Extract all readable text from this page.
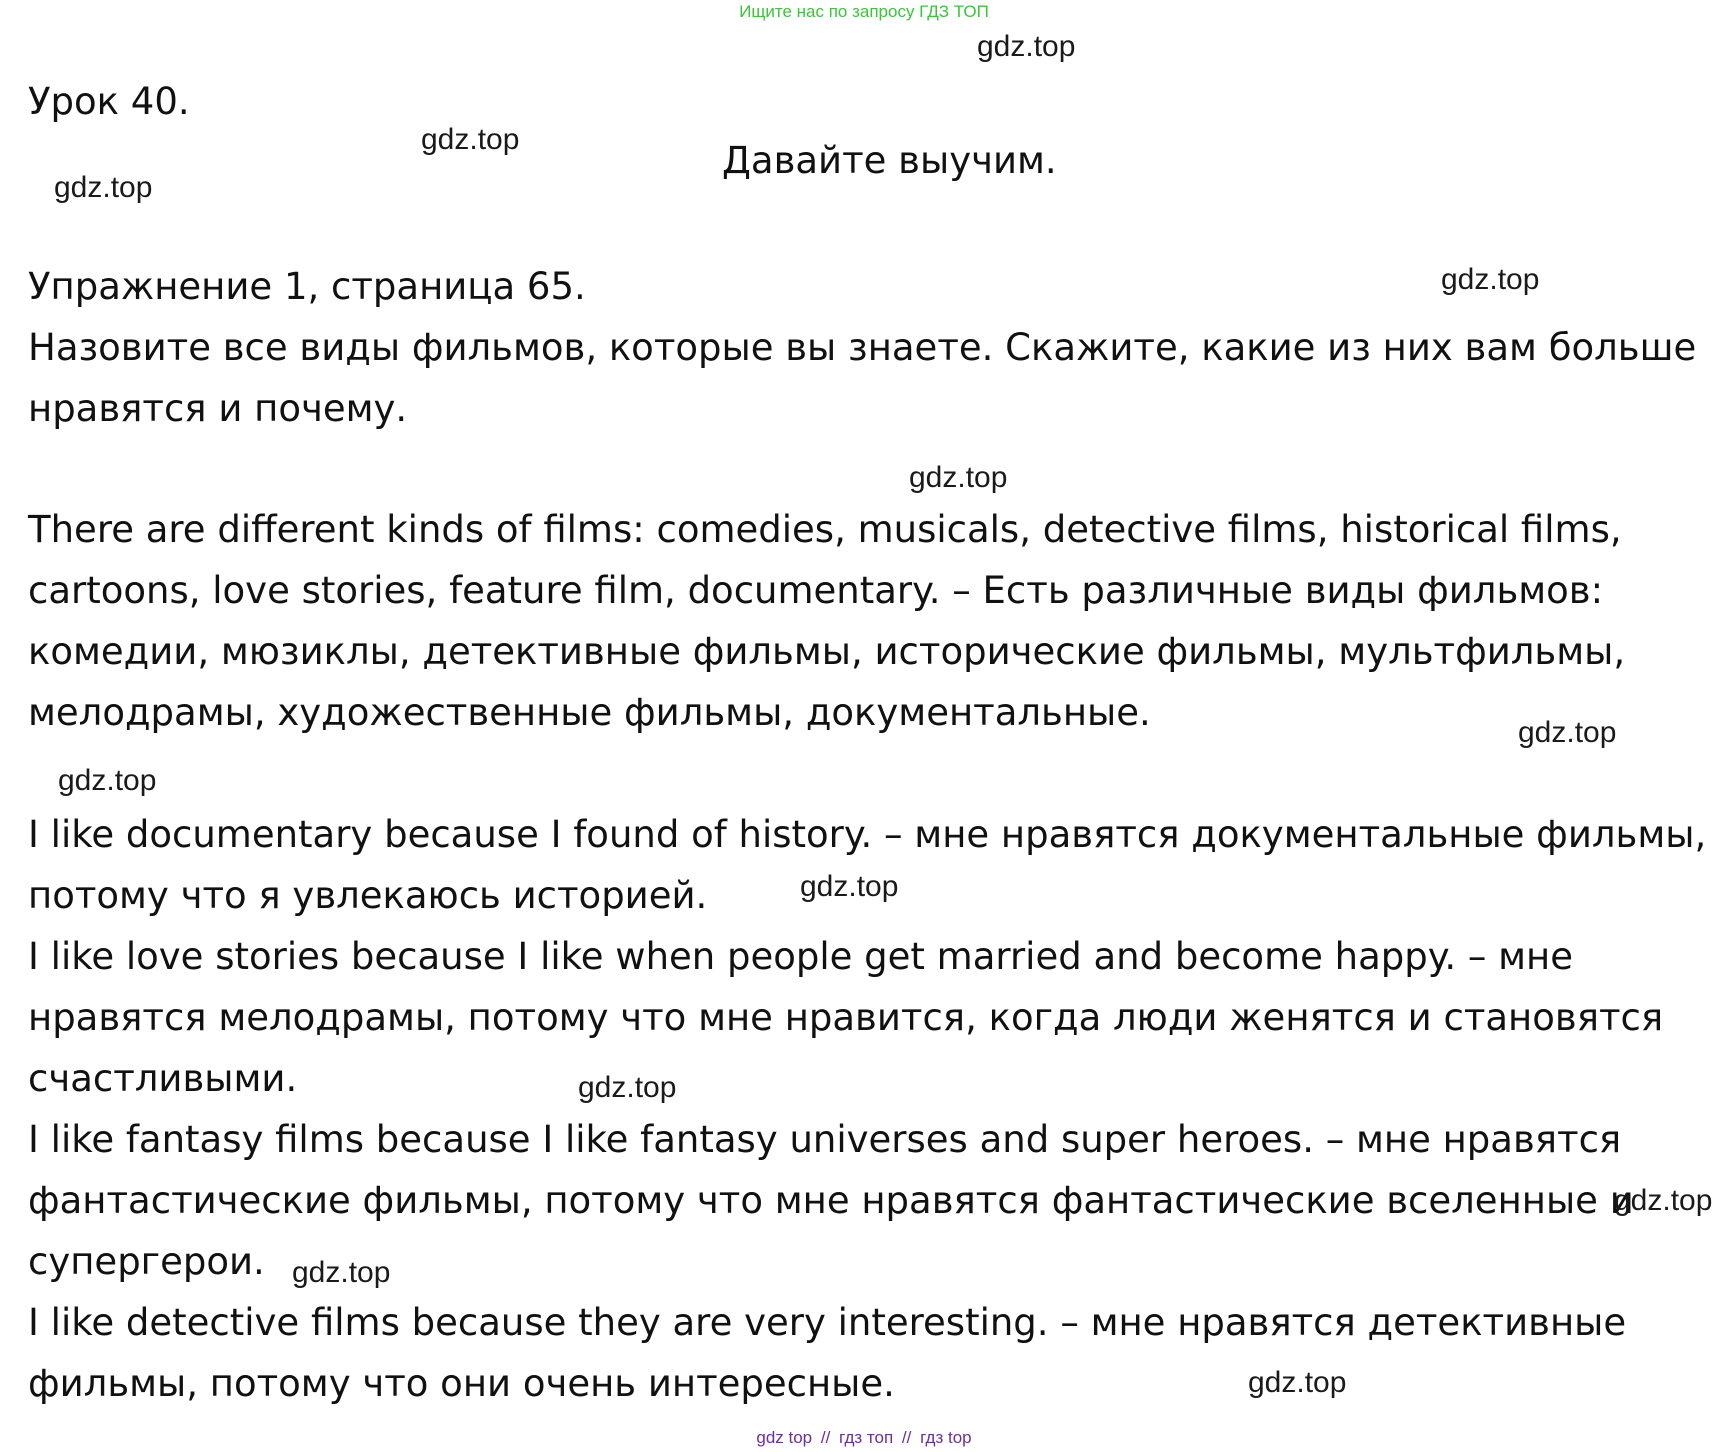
Ищите нас по запросу ГДЗ ТОП
Урок 40.
Давайте выучим.
Упражнение 1, страница 65.
Назовите все виды фильмов, которые вы знаете. Скажите, какие из них вам больше
нравятся и почему.
There are different kinds of films: comedies, musicals, detective films, historical films,
cartoons, love stories, feature film, documentary. – Есть различные виды фильмов:
комедии, мюзиклы, детективные фильмы, исторические фильмы, мультфильмы,
мелодрамы, художественные фильмы, документальные.
I like documentary because I found of history. – мне нравятся документальные фильмы,
потому что я увлекаюсь историей.
I like love stories because I like when people get married and become happy. – мне
нравятся мелодрамы, потому что мне нравится, когда люди женятся и становятся
счастливыми.
I like fantasy films because I like fantasy universes and super heroes. – мне нравятся
фантастические фильмы, потому что мне нравятся фантастические вселенные и
супергерои.
I like detective films because they are very interesting. – мне нравятся детективные
фильмы, потому что они очень интересные.
gdz.top
gdz.top
gdz.top
gdz.top
gdz.top
gdz.top
gdz.top
gdz.top
gdz.top
gdz.top
gdz.top
gdz.top
gdz top // гдз топ // гдз top
